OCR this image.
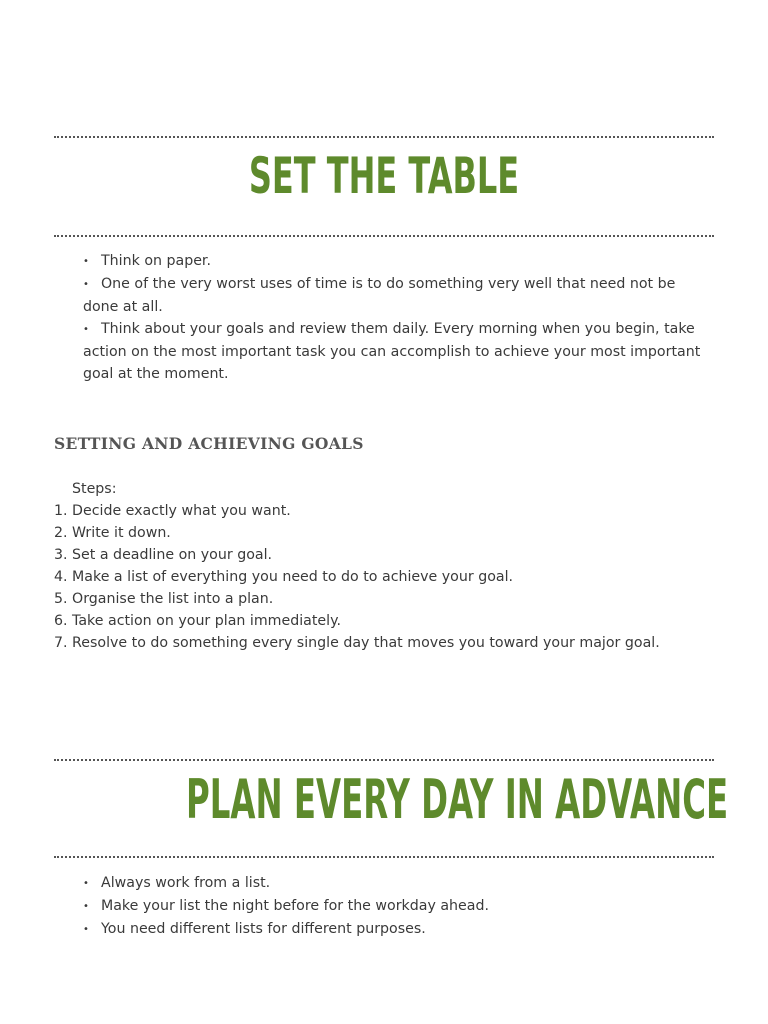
SET THE TABLE
• Think on paper.
• One of the very worst uses of time is to do something very well that need not be done at all.
• Think about your goals and review them daily. Every morning when you begin, take action on the most important task you can accomplish to achieve your most important goal at the moment.
SETTING AND ACHIEVING GOALS
Steps:
1. Decide exactly what you want.
2. Write it down.
3. Set a deadline on your goal.
4. Make a list of everything you need to do to achieve your goal.
5. Organise the list into a plan.
6. Take action on your plan immediately.
7. Resolve to do something every single day that moves you toward your major goal.
PLAN EVERY DAY IN ADVANCE
• Always work from a list.
• Make your list the night before for the workday ahead.
• You need different lists for different purposes.
